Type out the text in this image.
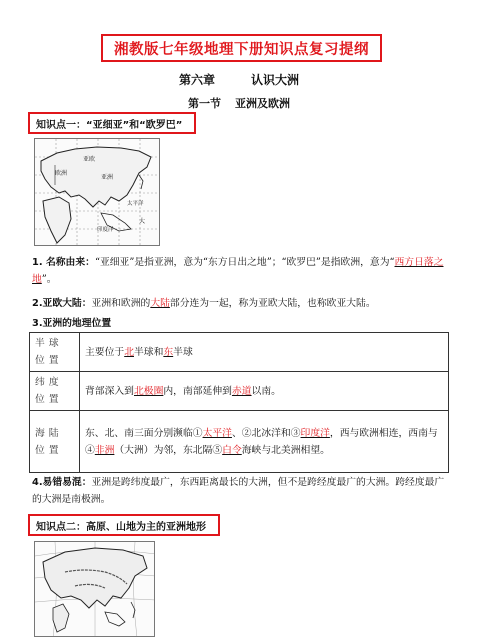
湘教版七年级地理下册知识点复习提纲
第六章	认识大洲
第一节 亚洲及欧洲
知识点一：“亚细亚”和“欧罗巴”
欧洲
亚欧
亚洲
太平洋
印度洋
大
1. 名称由来：“亚细亚”是指亚洲，意为“东方日出之地”；“欧罗巴”是指欧洲，意为“西方日落之地”。
2.亚欧大陆：亚洲和欧洲的大陆部分连为一起，称为亚欧大陆，也称欧亚大陆。
3.亚洲的地理位置
半球位置	主要位于北半球和东半球
纬度位置	背部深入到北极圈内，南部延伸到赤道以南。
海陆位置	东、北、南三面分别濒临①太平洋、②北冰洋和③印度洋，西与欧洲相连，西南与④非洲（大洲）为邻，东北隔⑤白令海峡与北美洲相望。
4.易错易混：亚洲是跨纬度最广，东西距离最长的大洲，但不是跨经度最广的大洲。跨经度最广的大洲是南极洲。
知识点二：高原、山地为主的亚洲地形
